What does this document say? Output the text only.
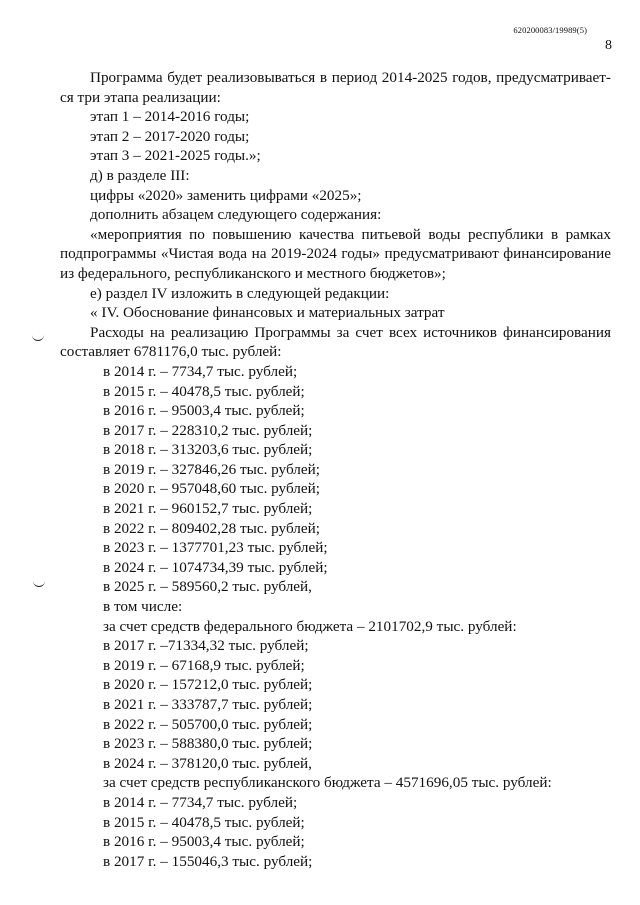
620200083/19989(5)
8
Программа будет реализовываться в период 2014-2025 годов, предусматривает-
ся три этапа реализации:
этап 1 – 2014-2016 годы;
этап 2 – 2017-2020 годы;
этап 3 – 2021-2025 годы.»;
д) в разделе III:
цифры «2020» заменить цифрами «2025»;
дополнить абзацем следующего содержания:
«мероприятия по повышению качества питьевой воды республики в рамках
подпрограммы «Чистая вода на 2019-2024 годы» предусматривают финансирование
из федерального, республиканского и местного бюджетов»;
е) раздел IV изложить в следующей редакции:
« IV. Обоснование финансовых и материальных затрат
Расходы на реализацию Программы за счет всех источников финансирования
составляет 6781176,0 тыс. рублей:
в 2014 г. – 7734,7 тыс. рублей;
в 2015 г. – 40478,5 тыс. рублей;
в 2016 г. – 95003,4 тыс. рублей;
в 2017 г. – 228310,2 тыс. рублей;
в 2018 г. – 313203,6 тыс. рублей;
в 2019 г. – 327846,26 тыс. рублей;
в 2020 г. – 957048,60 тыс. рублей;
в 2021 г. – 960152,7 тыс. рублей;
в 2022 г. – 809402,28 тыс. рублей;
в 2023 г. – 1377701,23 тыс. рублей;
в 2024 г. – 1074734,39 тыс. рублей;
в 2025 г. – 589560,2 тыс. рублей,
в том числе:
за счет средств федерального бюджета – 2101702,9 тыс. рублей:
в 2017 г. –71334,32 тыс. рублей;
в 2019 г. – 67168,9 тыс. рублей;
в 2020 г. – 157212,0 тыс. рублей;
в 2021 г. – 333787,7 тыс. рублей;
в 2022 г. – 505700,0 тыс. рублей;
в 2023 г. – 588380,0 тыс. рублей;
в 2024 г. – 378120,0 тыс. рублей,
за счет средств республиканского бюджета – 4571696,05 тыс. рублей:
в 2014 г. – 7734,7 тыс. рублей;
в 2015 г. – 40478,5 тыс. рублей;
в 2016 г. – 95003,4 тыс. рублей;
в 2017 г. – 155046,3 тыс. рублей;
